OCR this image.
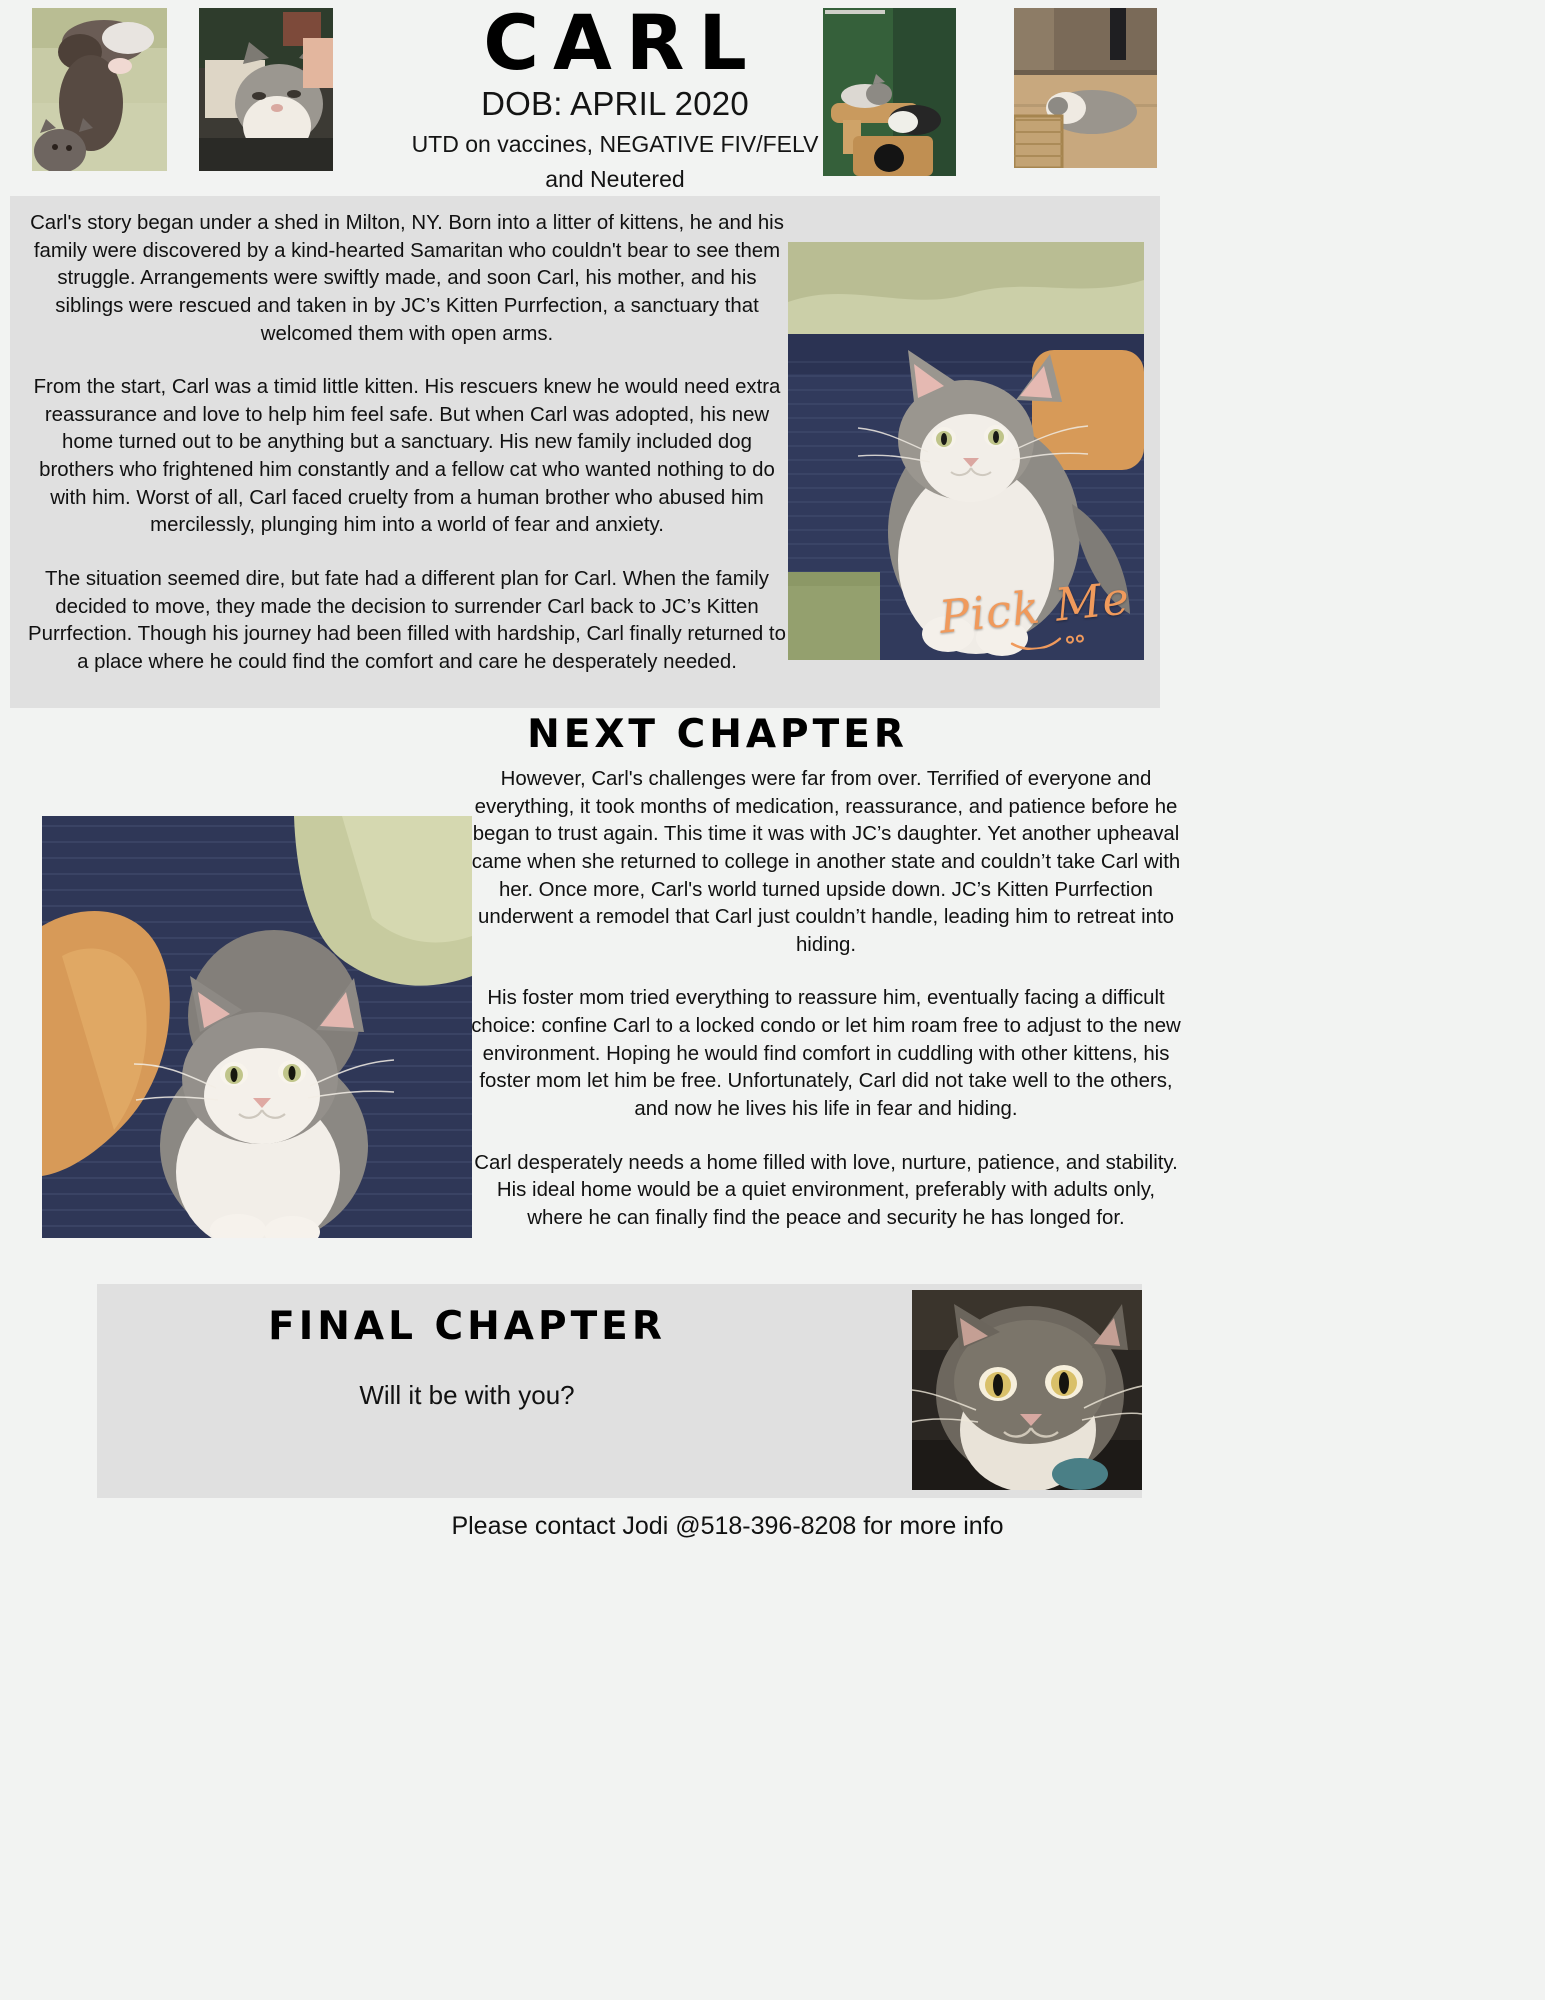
CARL
DOB: APRIL 2020
UTD on vaccines, NEGATIVE FIV/FELV
and Neutered

Carl's story began under a shed in Milton, NY. Born into a litter of kittens, he and his family were discovered by a kind-hearted Samaritan who couldn't bear to see them struggle. Arrangements were swiftly made, and soon Carl, his mother, and his siblings were rescued and taken in by JC’s Kitten Purrfection, a sanctuary that welcomed them with open arms.

From the start, Carl was a timid little kitten. His rescuers knew he would need extra reassurance and love to help him feel safe. But when Carl was adopted, his new home turned out to be anything but a sanctuary. His new family included dog brothers who frightened him constantly and a fellow cat who wanted nothing to do with him. Worst of all, Carl faced cruelty from a human brother who abused him mercilessly, plunging him into a world of fear and anxiety.

The situation seemed dire, but fate had a different plan for Carl. When the family decided to move, they made the decision to surrender Carl back to JC’s Kitten Purrfection. Though his journey had been filled with hardship, Carl finally returned to a place where he could find the comfort and care he desperately needed.

Pick Me
NEXT CHAPTER

However, Carl's challenges were far from over. Terrified of everyone and everything, it took months of medication, reassurance, and patience before he began to trust again. This time it was with JC’s daughter. Yet another upheaval came when she returned to college in another state and couldn’t take Carl with her. Once more, Carl's world turned upside down. JC’s Kitten Purrfection underwent a remodel that Carl just couldn’t handle, leading him to retreat into hiding.

His foster mom tried everything to reassure him, eventually facing a difficult choice: confine Carl to a locked condo or let him roam free to adjust to the new environment. Hoping he would find comfort in cuddling with other kittens, his foster mom let him be free. Unfortunately, Carl did not take well to the others, and now he lives his life in fear and hiding.

Carl desperately needs a home filled with love, nurture, patience, and stability. His ideal home would be a quiet environment, preferably with adults only, where he can finally find the peace and security he has longed for.

FINAL CHAPTER
Will it be with you?
Please contact Jodi @518-396-8208 for more info
